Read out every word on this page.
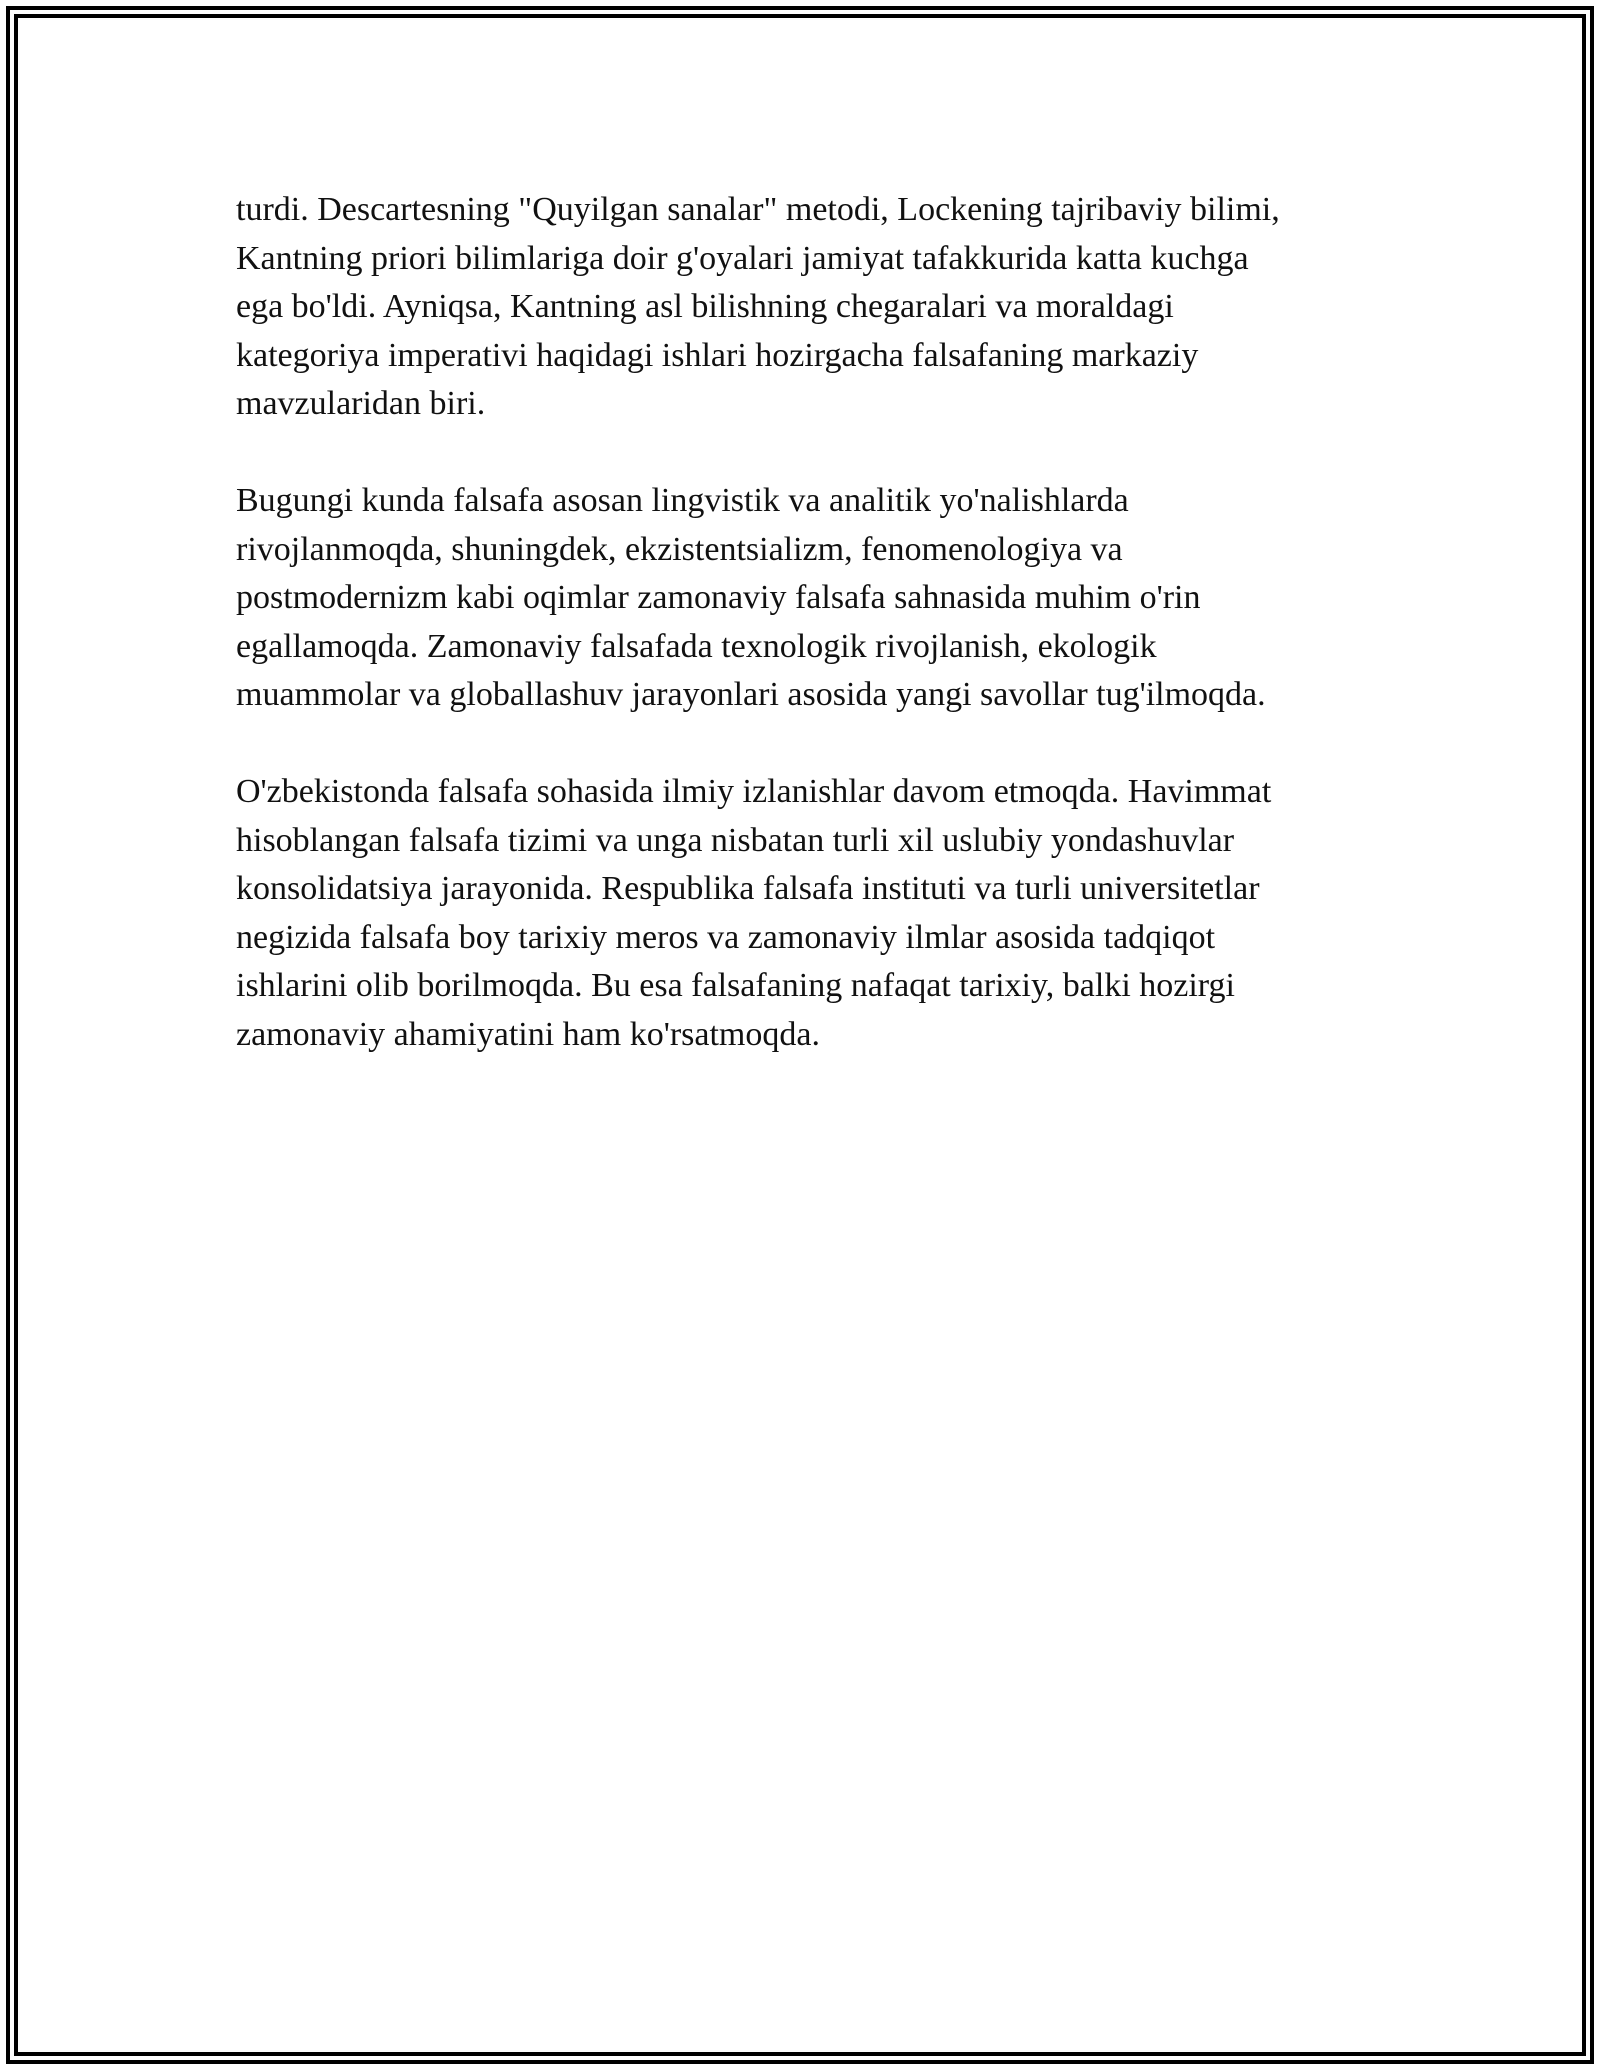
turdi. Descartesning "Quyilgan sanalar" metodi, Lockening tajribaviy bilimi,
Kantning priori bilimlariga doir g'oyalari jamiyat tafakkurida katta kuchga
ega bo'ldi. Ayniqsa, Kantning asl bilishning chegaralari va moraldagi
kategoriya imperativi haqidagi ishlari hozirgacha falsafaning markaziy
mavzularidan biri.

Bugungi kunda falsafa asosan lingvistik va analitik yo'nalishlarda
rivojlanmoqda, shuningdek, ekzistentsializm, fenomenologiya va
postmodernizm kabi oqimlar zamonaviy falsafa sahnasida muhim o'rin
egallamoqda. Zamonaviy falsafada texnologik rivojlanish, ekologik
muammolar va globallashuv jarayonlari asosida yangi savollar tug'ilmoqda.

O'zbekistonda falsafa sohasida ilmiy izlanishlar davom etmoqda. Havimmat
hisoblangan falsafa tizimi va unga nisbatan turli xil uslubiy yondashuvlar
konsolidatsiya jarayonida. Respublika falsafa instituti va turli universitetlar
negizida falsafa boy tarixiy meros va zamonaviy ilmlar asosida tadqiqot
ishlarini olib borilmoqda. Bu esa falsafaning nafaqat tarixiy, balki hozirgi
zamonaviy ahamiyatini ham ko'rsatmoqda.
